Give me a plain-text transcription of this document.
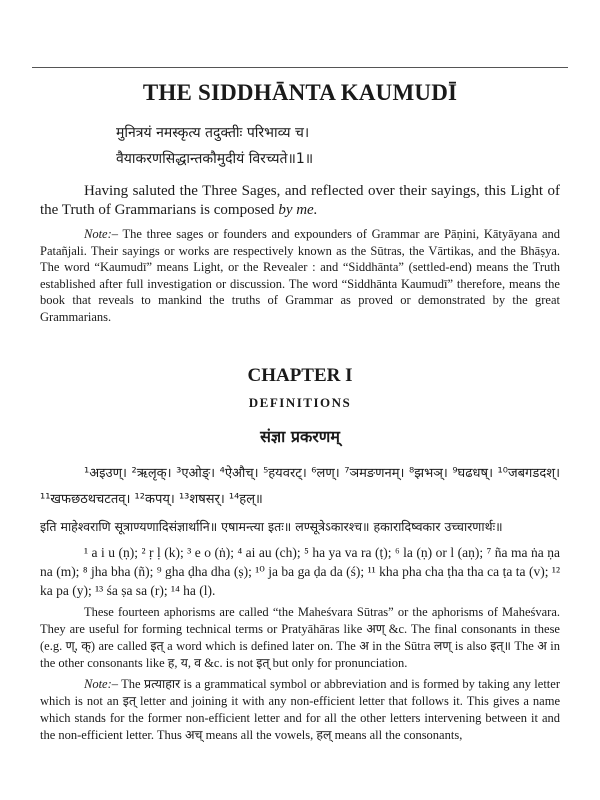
THE SIDDHĀNTA KAUMUDĪ
मुनित्रयं नमस्कृत्य तदुक्तीः परिभाव्य च।
वैयाकरणसिद्धान्तकौमुदीयं विरच्यते॥1॥

Having saluted the Three Sages, and reflected over their sayings, this Light of the Truth of Grammarians is composed by me.

Note:– The three sages or founders and expounders of Grammar are Pāṇini, Kātyāyana and Patañjali. Their sayings or works are respectively known as the Sūtras, the Vārtikas, and the Bhāṣya. The word “Kaumudī” means Light, or the Revealer : and “Siddhānta” (settled-end) means the Truth established after full investigation or discussion. The word “Siddhānta Kaumudī” therefore, means the book that reveals to mankind the truths of Grammar as proved or demonstrated by the great Grammarians.

CHAPTER I
DEFINITIONS
संज्ञा प्रकरणम्

¹अइउण्। ²ऋलृक्। ³एओङ्। ⁴ऐऔच्। ⁵हयवरट्। ⁶लण्। ⁷ञमङणनम्। ⁸झभञ्। ⁹घढधष्। ¹⁰जबगडदश्। ¹¹खफछठथचटतव्। ¹²कपय्। ¹³शषसर्। ¹⁴हल्॥

इति माहेश्वराणि सूत्राण्यणादिसंज्ञार्थानि॥ एषामन्त्या इतः॥ लण्सूत्रेऽकारश्च॥ हकारादिष्वकार उच्चारणार्थः॥

¹ a i u (ṇ); ² ṛ ḷ (k); ³ e o (ṅ); ⁴ ai au (ch); ⁵ ha ya va ra (ṭ); ⁶ la (ṇ) or l (aṇ); ⁷ ña ma ṅa ṇa na (m); ⁸ jha bha (ñ); ⁹ gha ḍha dha (ṣ); ¹⁰ ja ba ga ḍa da (ś); ¹¹ kha pha cha ṭha tha ca ṭa ta (v); ¹² ka pa (y); ¹³ śa ṣa sa (r); ¹⁴ ha (l).

These fourteen aphorisms are called “the Maheśvara Sūtras” or the aphorisms of Maheśvara. They are useful for forming technical terms or Pratyāhāras like अण् &c. The final consonants in these (e.g. ण्, क्) are called इत् a word which is defined later on. The अ in the Sūtra लण् is also इत्॥ The अ in the other consonants like ह, य, व &c. is not इत् but only for pronunciation.

Note:– The प्रत्याहार is a grammatical symbol or abbreviation and is formed by taking any letter which is not an इत् letter and joining it with any non-efficient letter that follows it. This gives a name which stands for the former non-efficient letter and for all the other letters intervening between it and the non-efficient letter. Thus अच् means all the vowels, हल् means all the consonants,
